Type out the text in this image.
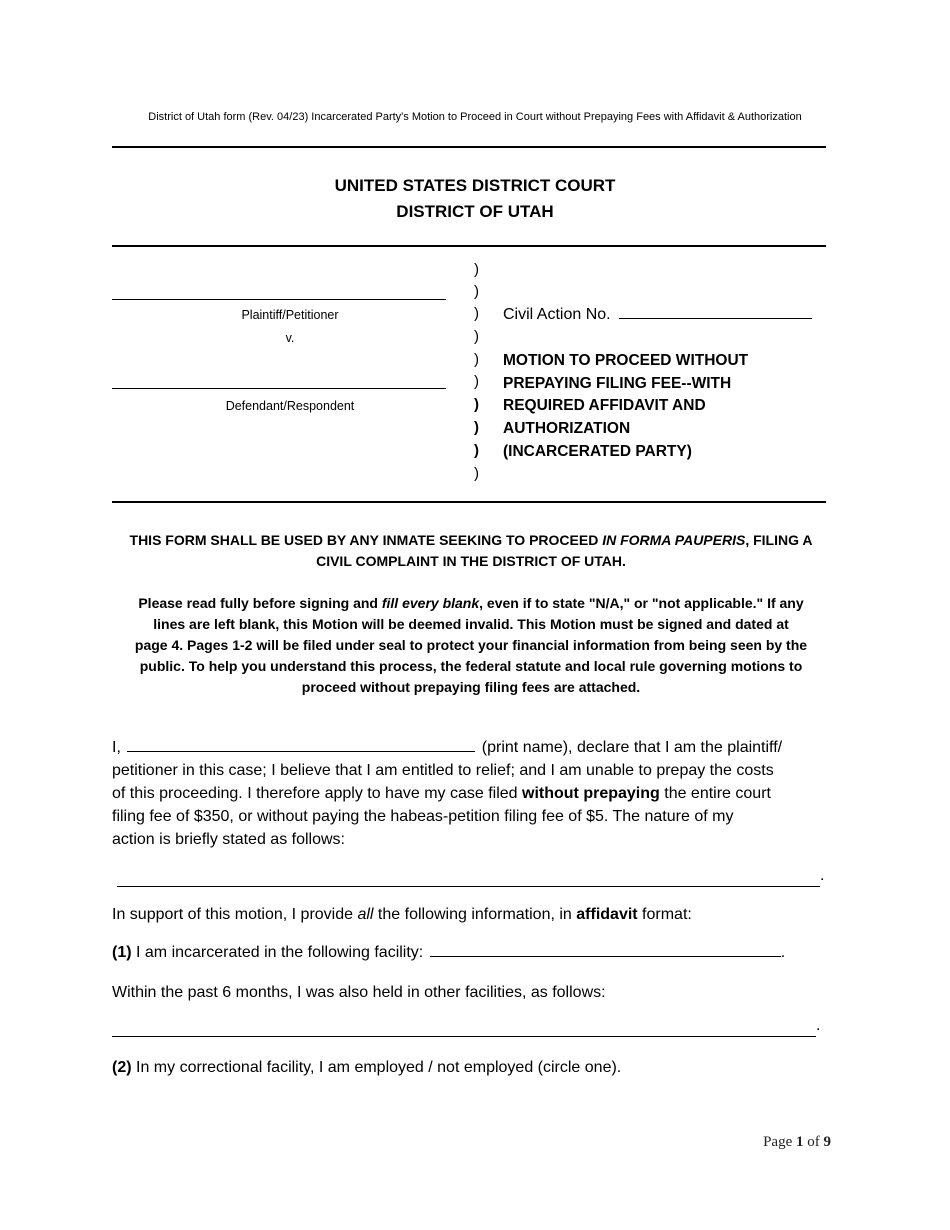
District of Utah form (Rev. 04/23) Incarcerated Party's Motion to Proceed in Court without Prepaying Fees with Affidavit & Authorization
UNITED STATES DISTRICT COURT
DISTRICT OF UTAH
Plaintiff/Petitioner
v.
Defendant/Respondent
)
)
)
)
)
)
)
)
)
)
Civil Action No.
MOTION TO PROCEED WITHOUT
PREPAYING FILING FEE--WITH
REQUIRED AFFIDAVIT AND
AUTHORIZATION
(INCARCERATED PARTY)
THIS FORM SHALL BE USED BY ANY INMATE SEEKING TO PROCEED IN FORMA PAUPERIS, FILING A
CIVIL COMPLAINT IN THE DISTRICT OF UTAH.
Please read fully before signing and fill every blank, even if to state "N/A," or "not applicable." If any
lines are left blank, this Motion will be deemed invalid. This Motion must be signed and dated at
page 4. Pages 1-2 will be filed under seal to protect your financial information from being seen by the
public. To help you understand this process, the federal statute and local rule governing motions to
proceed without prepaying filing fees are attached.
I,	(print name), declare that I am the plaintiff/
petitioner in this case; I believe that I am entitled to relief; and I am unable to prepay the costs
of this proceeding. I therefore apply to have my case filed without prepaying the entire court
filing fee of $350, or without paying the habeas-petition filing fee of $5. The nature of my
action is briefly stated as follows:
.
In support of this motion, I provide all the following information, in affidavit format:
(1) I am incarcerated in the following facility:	.
Within the past 6 months, I was also held in other facilities, as follows:
.
(2) In my correctional facility, I am employed / not employed (circle one).
Page 1 of 9
